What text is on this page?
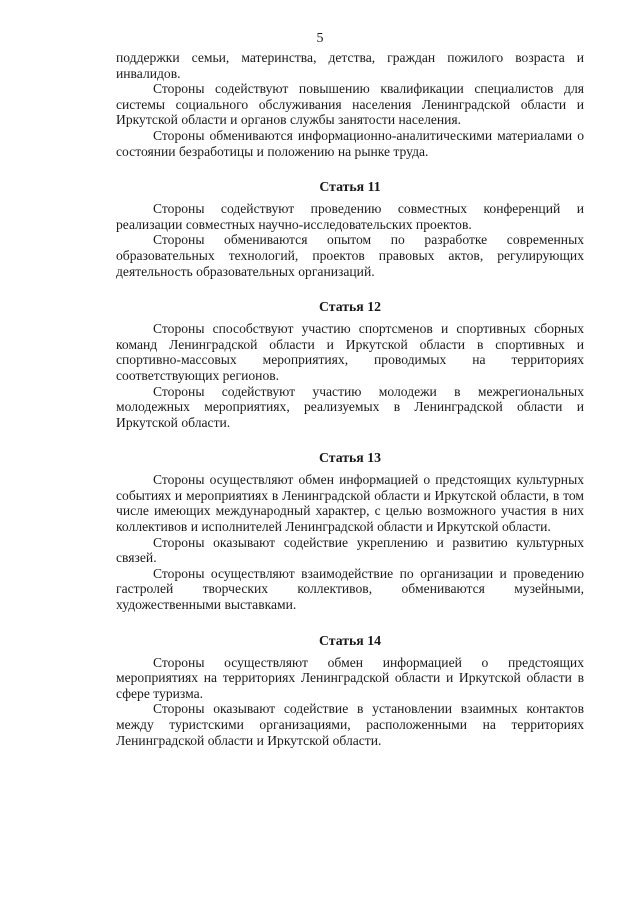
5

поддержки семьи, материнства, детства, граждан пожилого возраста и инвалидов.

Стороны содействуют повышению квалификации специалистов для системы социального обслуживания населения Ленинградской области и Иркутской области и органов службы занятости населения.

Стороны обмениваются информационно-аналитическими материалами о состоянии безработицы и положению на рынке труда.

Статья 11

Стороны содействуют проведению совместных конференций и реализации совместных научно-исследовательских проектов.

Стороны обмениваются опытом по разработке современных образовательных технологий, проектов правовых актов, регулирующих деятельность образовательных организаций.

Статья 12

Стороны способствуют участию спортсменов и спортивных сборных команд Ленинградской области и Иркутской области в спортивных и спортивно-массовых мероприятиях, проводимых на территориях соответствующих регионов.

Стороны содействуют участию молодежи в межрегиональных молодежных мероприятиях, реализуемых в Ленинградской области и Иркутской области.

Статья 13

Стороны осуществляют обмен информацией о предстоящих культурных событиях и мероприятиях в Ленинградской области и Иркутской области, в том числе имеющих международный характер, с целью возможного участия в них коллективов и исполнителей Ленинградской области и Иркутской области.

Стороны оказывают содействие укреплению и развитию культурных связей.

Стороны осуществляют взаимодействие по организации и проведению гастролей творческих коллективов, обмениваются музейными, художественными выставками.

Статья 14

Стороны осуществляют обмен информацией о предстоящих мероприятиях на территориях Ленинградской области и Иркутской области в сфере туризма.

Стороны оказывают содействие в установлении взаимных контактов между туристскими организациями, расположенными на территориях Ленинградской области и Иркутской области.
